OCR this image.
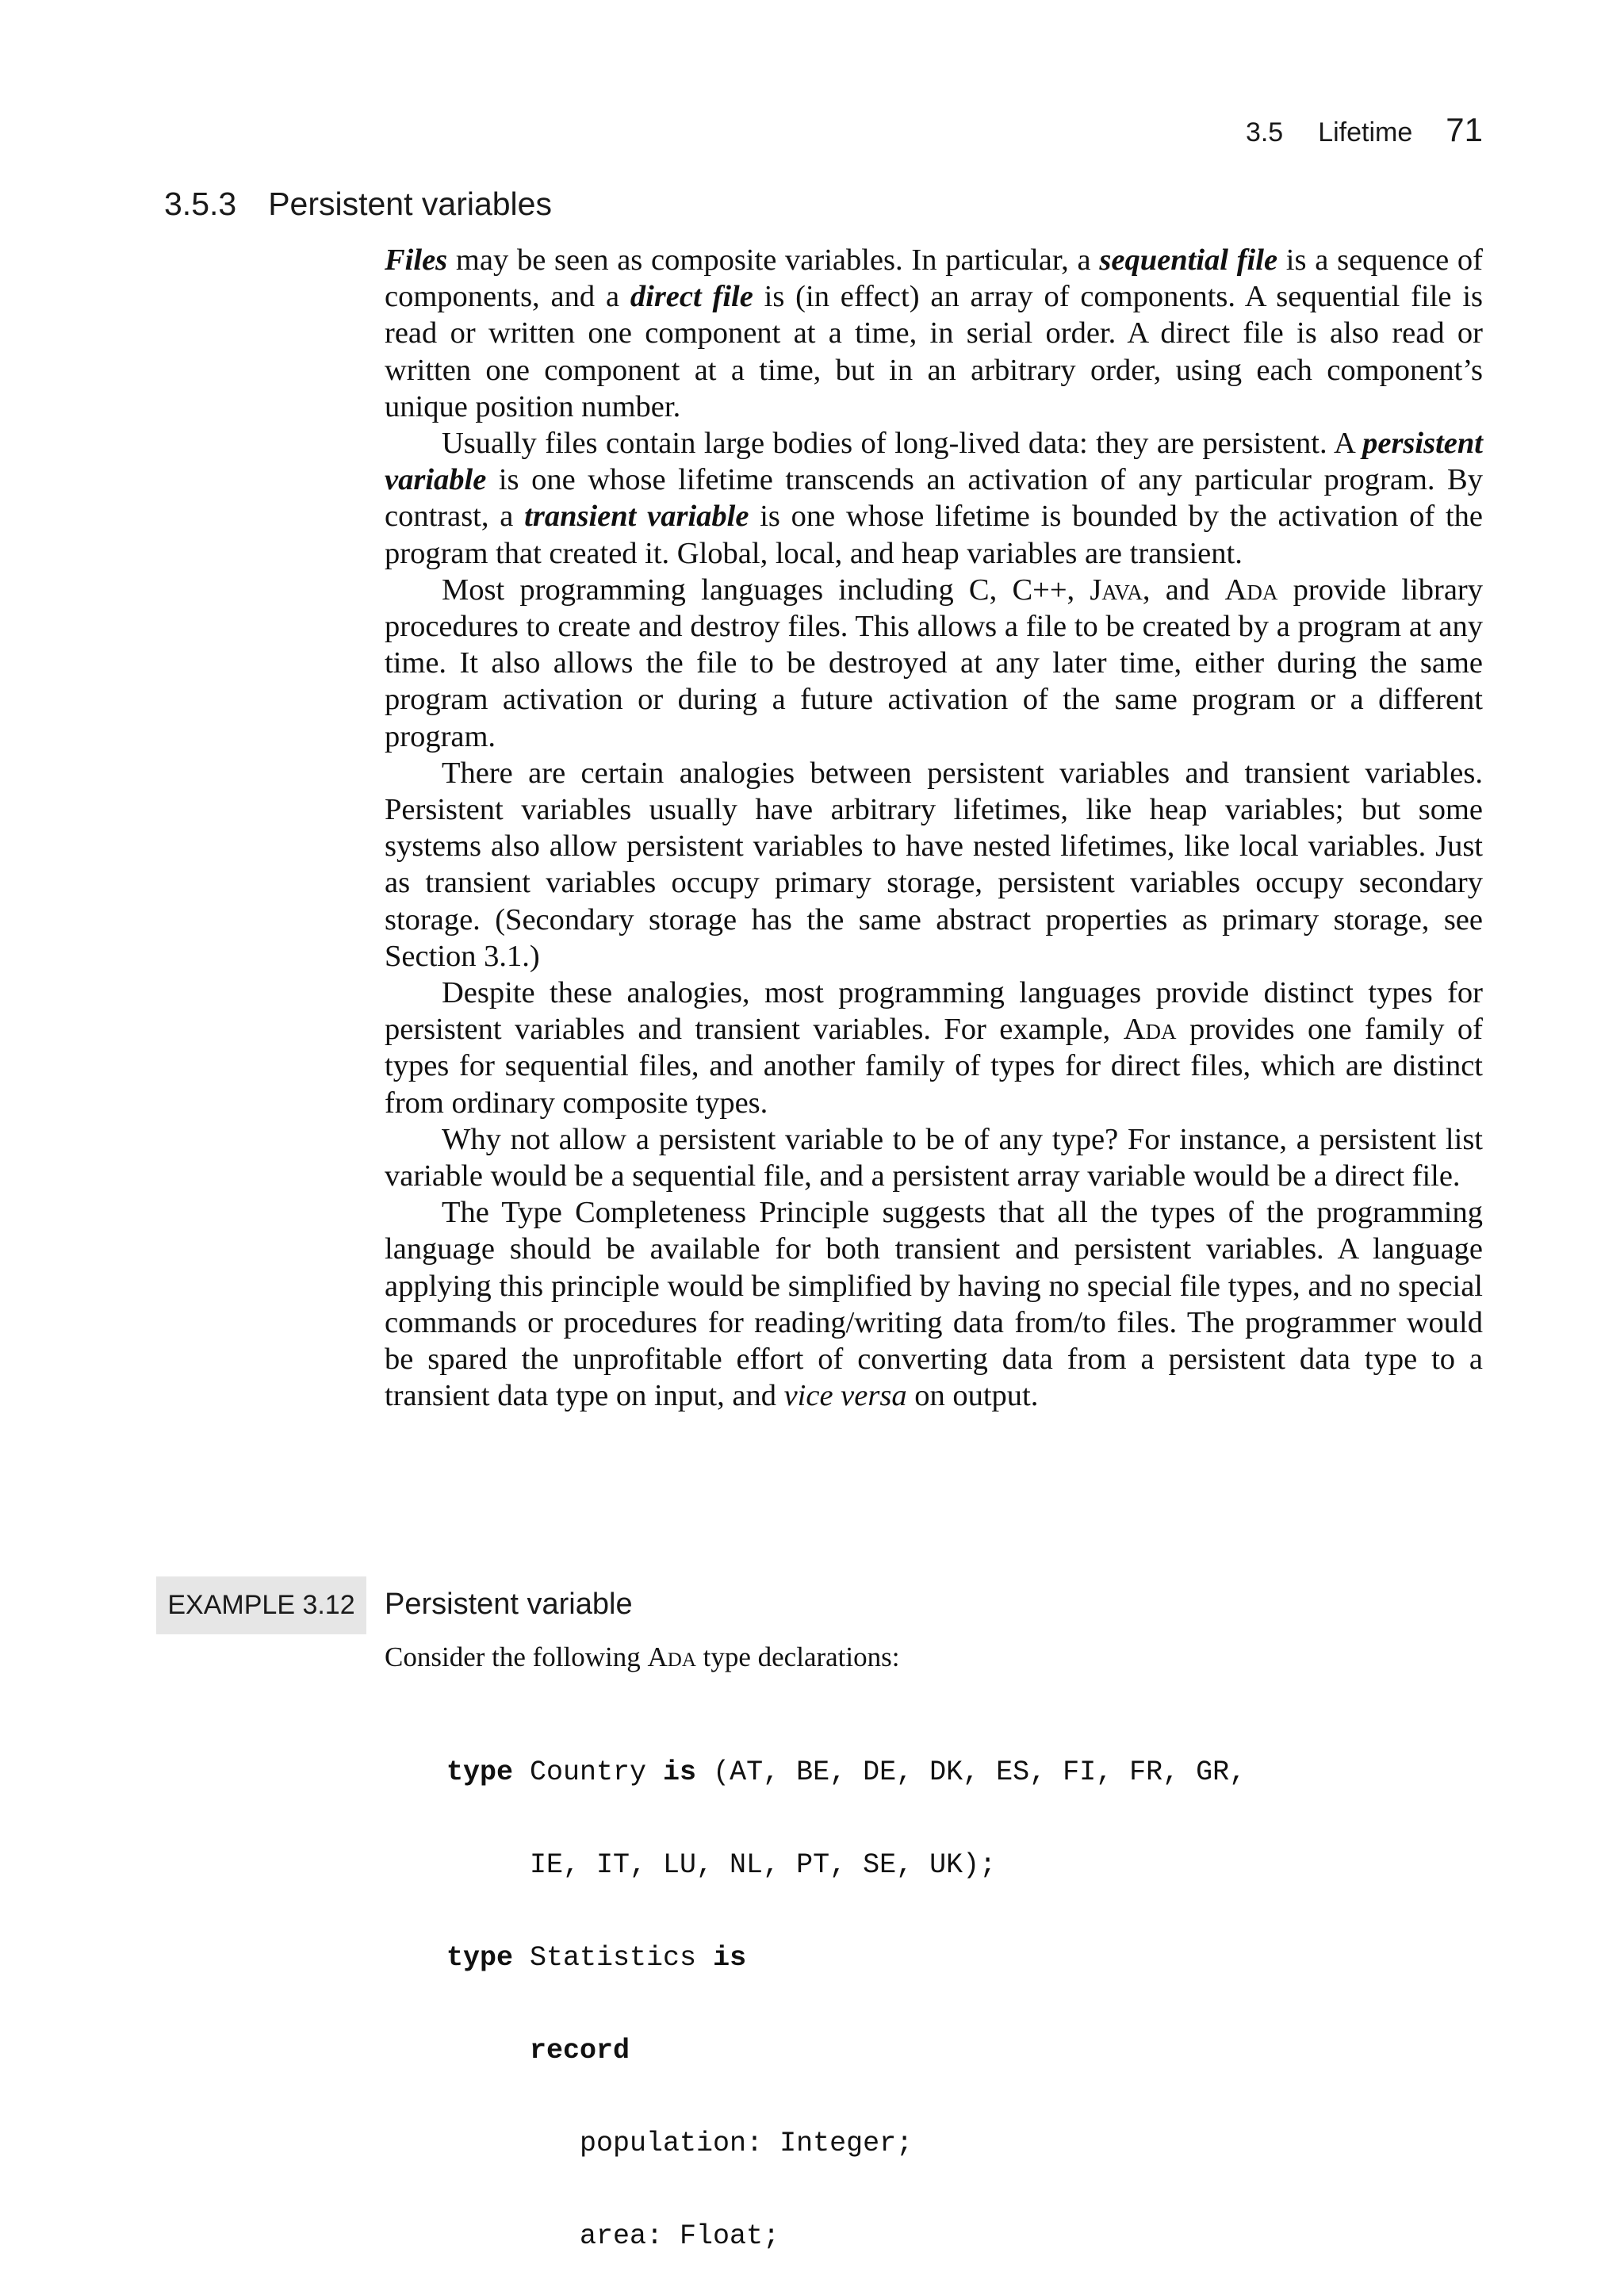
3.5 Lifetime 71
3.5.3 Persistent variables

Files may be seen as composite variables. In particular, a sequential file is a sequence of components, and a direct file is (in effect) an array of components. A sequential file is read or written one component at a time, in serial order. A direct file is also read or written one component at a time, but in an arbitrary order, using each component’s unique position number.

Usually files contain large bodies of long-lived data: they are persistent. A persistent variable is one whose lifetime transcends an activation of any particular program. By contrast, a transient variable is one whose lifetime is bounded by the activation of the program that created it. Global, local, and heap variables are transient.

Most programming languages including C, C++, Java, and Ada provide library procedures to create and destroy files. This allows a file to be created by a program at any time. It also allows the file to be destroyed at any later time, either during the same program activation or during a future activation of the same program or a different program.

There are certain analogies between persistent variables and transient variables. Persistent variables usually have arbitrary lifetimes, like heap variables; but some systems also allow persistent variables to have nested lifetimes, like local variables. Just as transient variables occupy primary storage, persistent variables occupy secondary storage. (Secondary storage has the same abstract properties as primary storage, see Section 3.1.)

Despite these analogies, most programming languages provide distinct types for persistent variables and transient variables. For example, Ada provides one family of types for sequential files, and another family of types for direct files, which are distinct from ordinary composite types.

Why not allow a persistent variable to be of any type? For instance, a persistent list variable would be a sequential file, and a persistent array variable would be a direct file.

The Type Completeness Principle suggests that all the types of the programming language should be available for both transient and persistent variables. A language applying this principle would be simplified by having no special file types, and no special commands or procedures for reading/writing data from/to files. The programmer would be spared the unprofitable effort of converting data from a persistent data type to a transient data type on input, and vice versa on output.

EXAMPLE 3.12 Persistent variable
Consider the following Ada type declarations:

type Country is (AT, BE, DE, DK, ES, FI, FR, GR,

IE, IT, LU, NL, PT, SE, UK);

type Statistics is

record

population: Integer;

area: Float;
